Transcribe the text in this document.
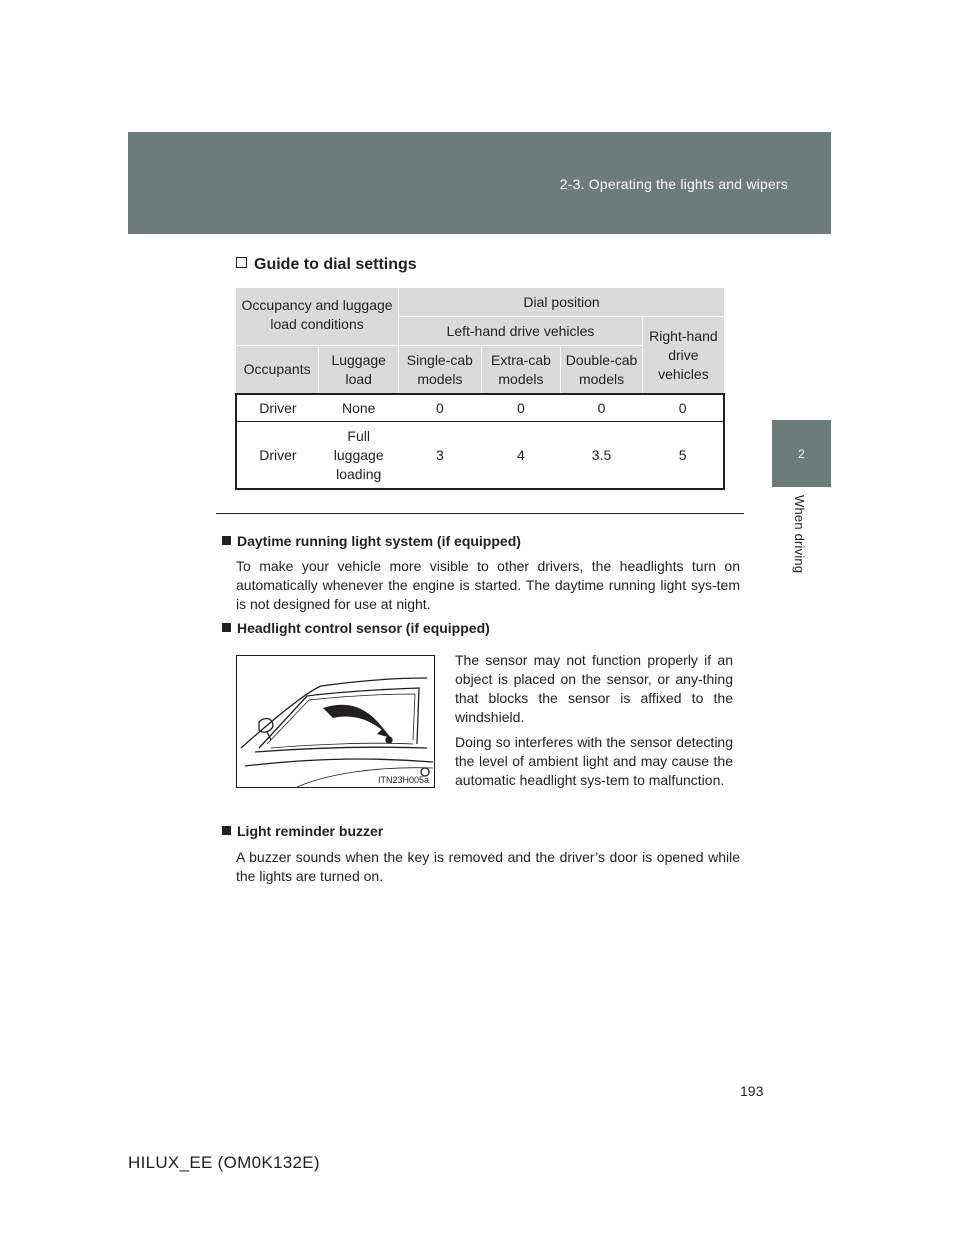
2-3. Operating the lights and wipers
2
When driving
Guide to dial settings
Occupancy and luggage load conditions		Dial position			
		Left-hand drive vehicles			Right-hand drive vehicles
Occupants	Luggage load	Single-cab models	Extra-cab models	Double-cab models	
Driver	None	0	0	0	0
Driver	Full luggage loading	3	4	3.5	5
Daytime running light system (if equipped)
To make your vehicle more visible to other drivers, the headlights turn on automatically whenever the engine is started. The daytime running light sys-tem is not designed for use at night.
Headlight control sensor (if equipped)
ITN23H005a
The sensor may not function properly if an object is placed on the sensor, or any-thing that blocks the sensor is affixed to the windshield.
Doing so interferes with the sensor detecting the level of ambient light and may cause the automatic headlight sys-tem to malfunction.
Light reminder buzzer
A buzzer sounds when the key is removed and the driver’s door is opened while the lights are turned on.
193
HILUX_EE (OM0K132E)
